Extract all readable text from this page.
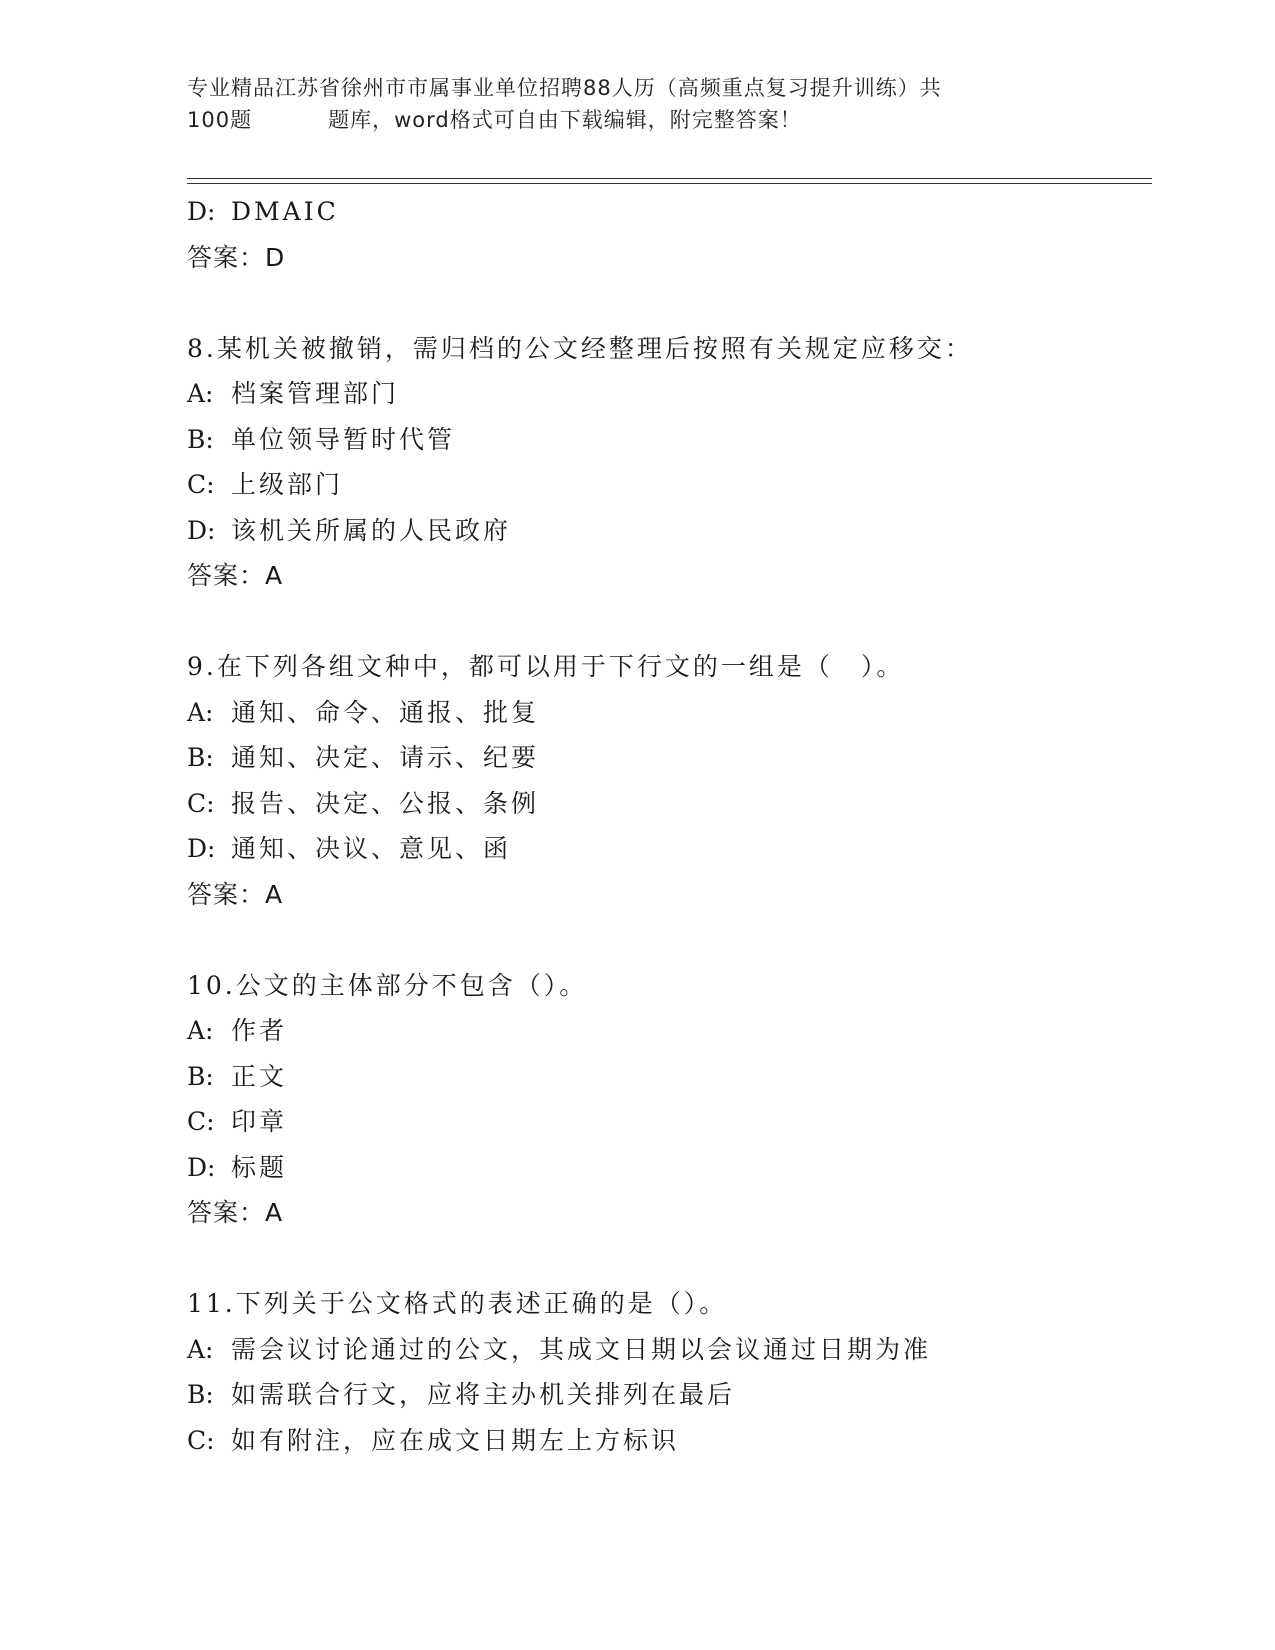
专业精品江苏省徐州市市属事业单位招聘88人历（高频重点复习提升训练）共
100题	题库，word格式可自由下载编辑，附完整答案！
D: DMAIC
答案：D
8.某机关被撤销，需归档的公文经整理后按照有关规定应移交：
A: 档案管理部门
B: 单位领导暂时代管
C: 上级部门
D: 该机关所属的人民政府
答案：A
9.在下列各组文种中，都可以用于下行文的一组是（　）。
A: 通知、命令、通报、批复
B: 通知、决定、请示、纪要
C: 报告、决定、公报、条例
D: 通知、决议、意见、函
答案：A
10.公文的主体部分不包含（）。
A: 作者
B: 正文
C: 印章
D: 标题
答案：A
11.下列关于公文格式的表述正确的是（）。
A: 需会议讨论通过的公文，其成文日期以会议通过日期为准
B: 如需联合行文，应将主办机关排列在最后
C: 如有附注，应在成文日期左上方标识
